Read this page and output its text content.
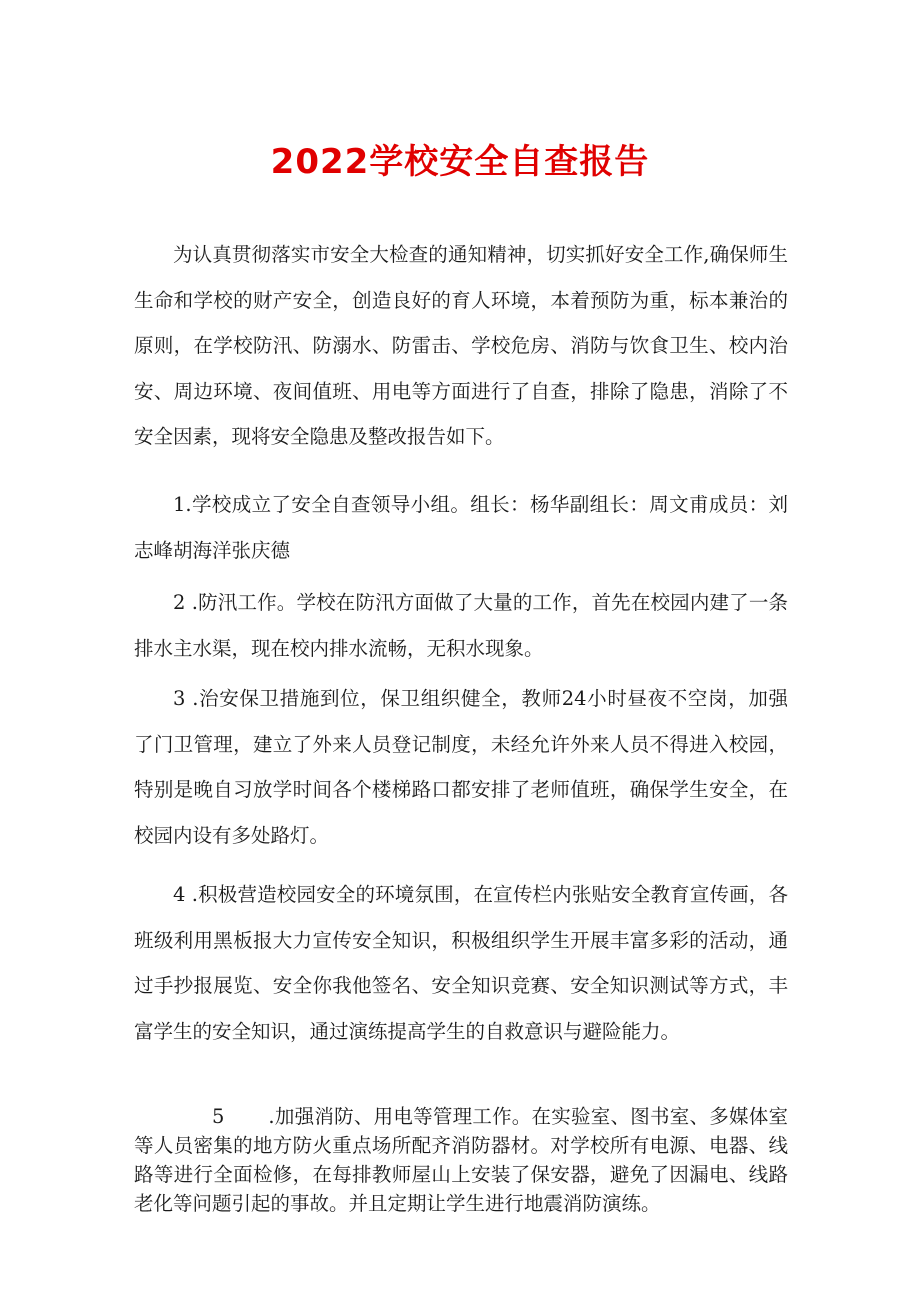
2022学校安全自查报告

为认真贯彻落实市安全大检查的通知精神，切实抓好安全工作,确保师生生命和学校的财产安全，创造良好的育人环境，本着预防为重，标本兼治的原则，在学校防汛、防溺水、防雷击、学校危房、消防与饮食卫生、校内治安、周边环境、夜间值班、用电等方面进行了自查，排除了隐患，消除了不安全因素，现将安全隐患及整改报告如下。

1.学校成立了安全自查领导小组。组长：杨华副组长：周文甫成员：刘志峰胡海洋张庆德

2 .防汛工作。学校在防汛方面做了大量的工作，首先在校园内建了一条排水主水渠，现在校内排水流畅，无积水现象。

3 .治安保卫措施到位，保卫组织健全，教师24小时昼夜不空岗，加强了门卫管理，建立了外来人员登记制度，未经允许外来人员不得进入校园，特别是晚自习放学时间各个楼梯路口都安排了老师值班，确保学生安全，在校园内设有多处路灯。

4 .积极营造校园安全的环境氛围，在宣传栏内张贴安全教育宣传画，各班级利用黑板报大力宣传安全知识，积极组织学生开展丰富多彩的活动，通过手抄报展览、安全你我他签名、安全知识竞赛、安全知识测试等方式，丰富学生的安全知识，通过演练提高学生的自救意识与避险能力。

5 .加强消防、用电等管理工作。在实验室、图书室、多媒体室等人员密集的地方防火重点场所配齐消防器材。对学校所有电源、电器、线路等进行全面检修，在每排教师屋山上安装了保安器，避免了因漏电、线路老化等问题引起的事故。并且定期让学生进行地震消防演练。
